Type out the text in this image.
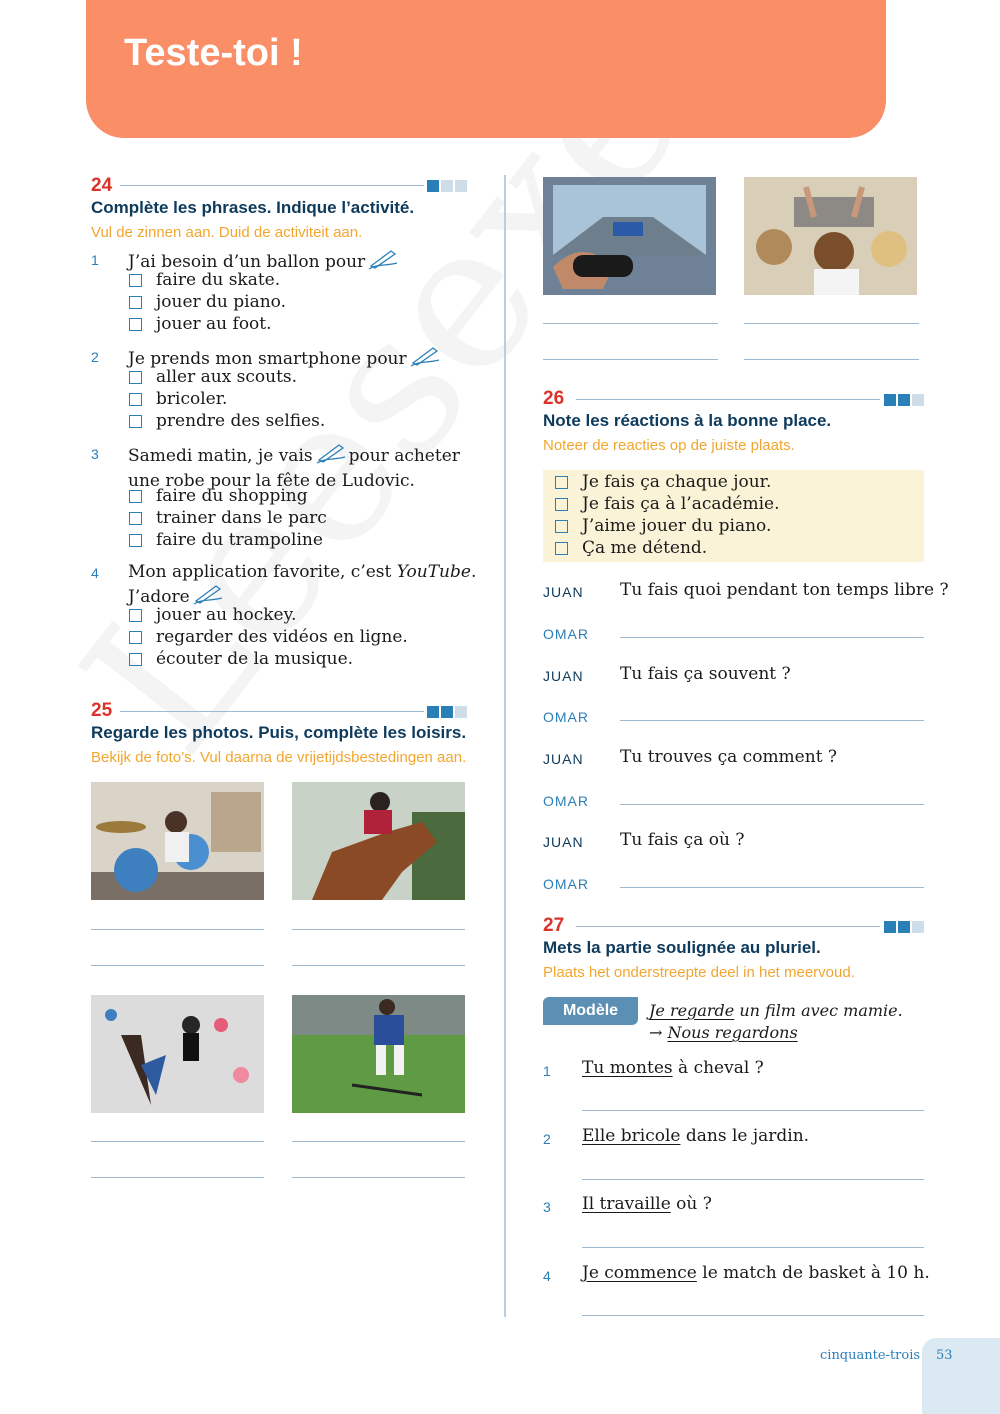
Teste-toi !
24
Complète les phrases. Indique l’activité.
Vul de zinnen aan. Duid de activiteit aan.
1 J’ai besoin d’un ballon pour
faire du skate.
jouer du piano.
jouer au foot.
2 Je prends mon smartphone pour
aller aux scouts.
bricoler.
prendre des selfies.
3 Samedi matin, je vais pour acheter
une robe pour la fête de Ludovic.
faire du shopping
trainer dans le parc
faire du trampoline
4 Mon application favorite, c’est YouTube.
J’adore
jouer au hockey.
regarder des vidéos en ligne.
écouter de la musique.
25
Regarde les photos. Puis, complète les loisirs.
Bekijk de foto’s. Vul daarna de vrijetijdsbestedingen aan.
26
Note les réactions à la bonne place.
Noteer de reacties op de juiste plaats.
Je fais ça chaque jour.
Je fais ça à l’académie.
J’aime jouer du piano.
Ça me détend.
JUAN Tu fais quoi pendant ton temps libre ?
OMAR
JUAN Tu fais ça souvent ?
OMAR
JUAN Tu trouves ça comment ?
OMAR
JUAN Tu fais ça où ?
OMAR
27
Mets la partie soulignée au pluriel.
Plaats het onderstreepte deel in het meervoud.
Modèle	Je regarde un film avec mamie.
→ Nous regardons
1 Tu montes à cheval ?
2 Elle bricole dans le jardin.
3 Il travaille où ?
4 Je commence le match de basket à 10 h.
cinquante-trois 53
